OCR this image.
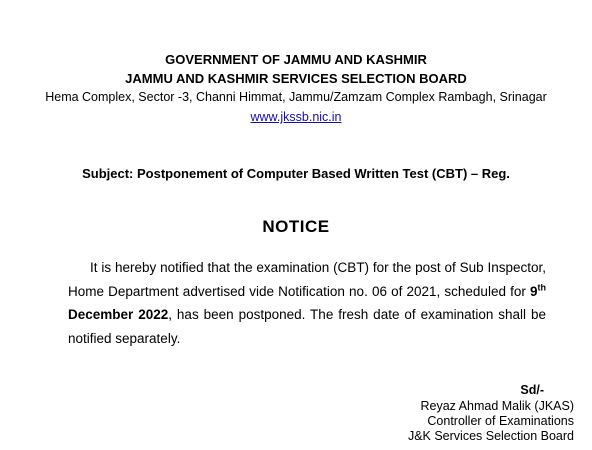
GOVERNMENT OF JAMMU AND KASHMIR
JAMMU AND KASHMIR SERVICES SELECTION BOARD
Hema Complex, Sector -3, Channi Himmat, Jammu/Zamzam Complex Rambagh, Srinagar
www.jkssb.nic.in
Subject: Postponement of Computer Based Written Test (CBT) – Reg.
NOTICE
It is hereby notified that the examination (CBT) for the post of Sub Inspector, Home Department advertised vide Notification no. 06 of 2021, scheduled for 9th December 2022, has been postponed. The fresh date of examination shall be notified separately.
Sd/-
Reyaz Ahmad Malik (JKAS)
Controller of Examinations
J&K Services Selection Board
